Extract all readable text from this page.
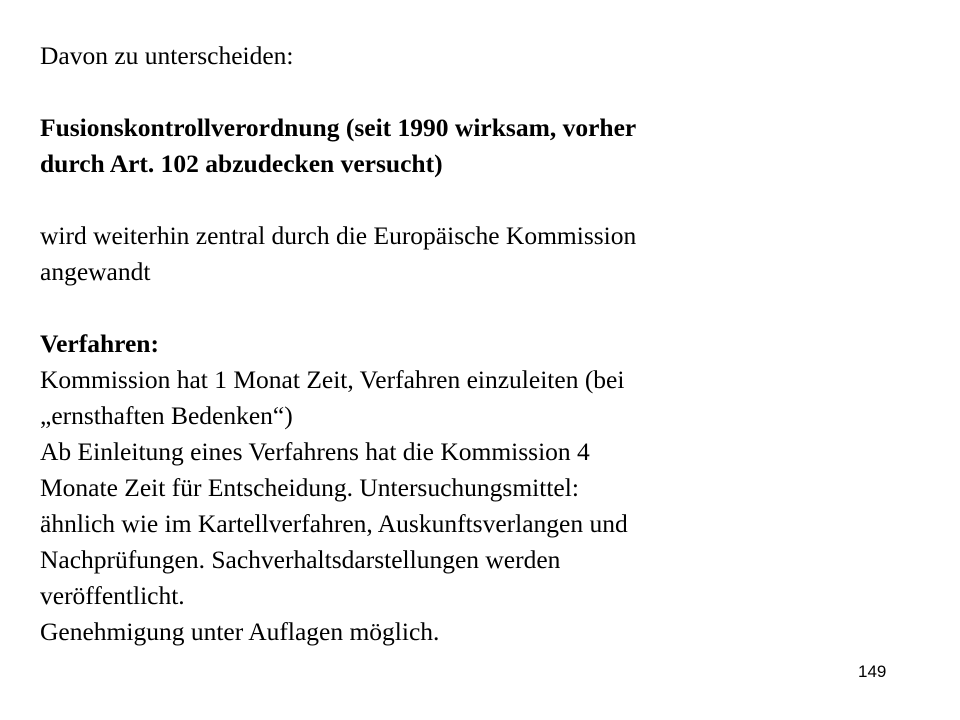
Davon zu unterscheiden:
Fusionskontrollverordnung (seit 1990 wirksam, vorher
durch Art. 102 abzudecken versucht)
wird weiterhin zentral durch die Europäische Kommission
angewandt
Verfahren:
Kommission hat 1 Monat Zeit, Verfahren einzuleiten (bei
„ernsthaften Bedenken“)
Ab Einleitung eines Verfahrens hat die Kommission 4
Monate Zeit für Entscheidung. Untersuchungsmittel:
ähnlich wie im Kartellverfahren, Auskunftsverlangen und
Nachprüfungen. Sachverhaltsdarstellungen werden
veröffentlicht.
Genehmigung unter Auflagen möglich.
149
